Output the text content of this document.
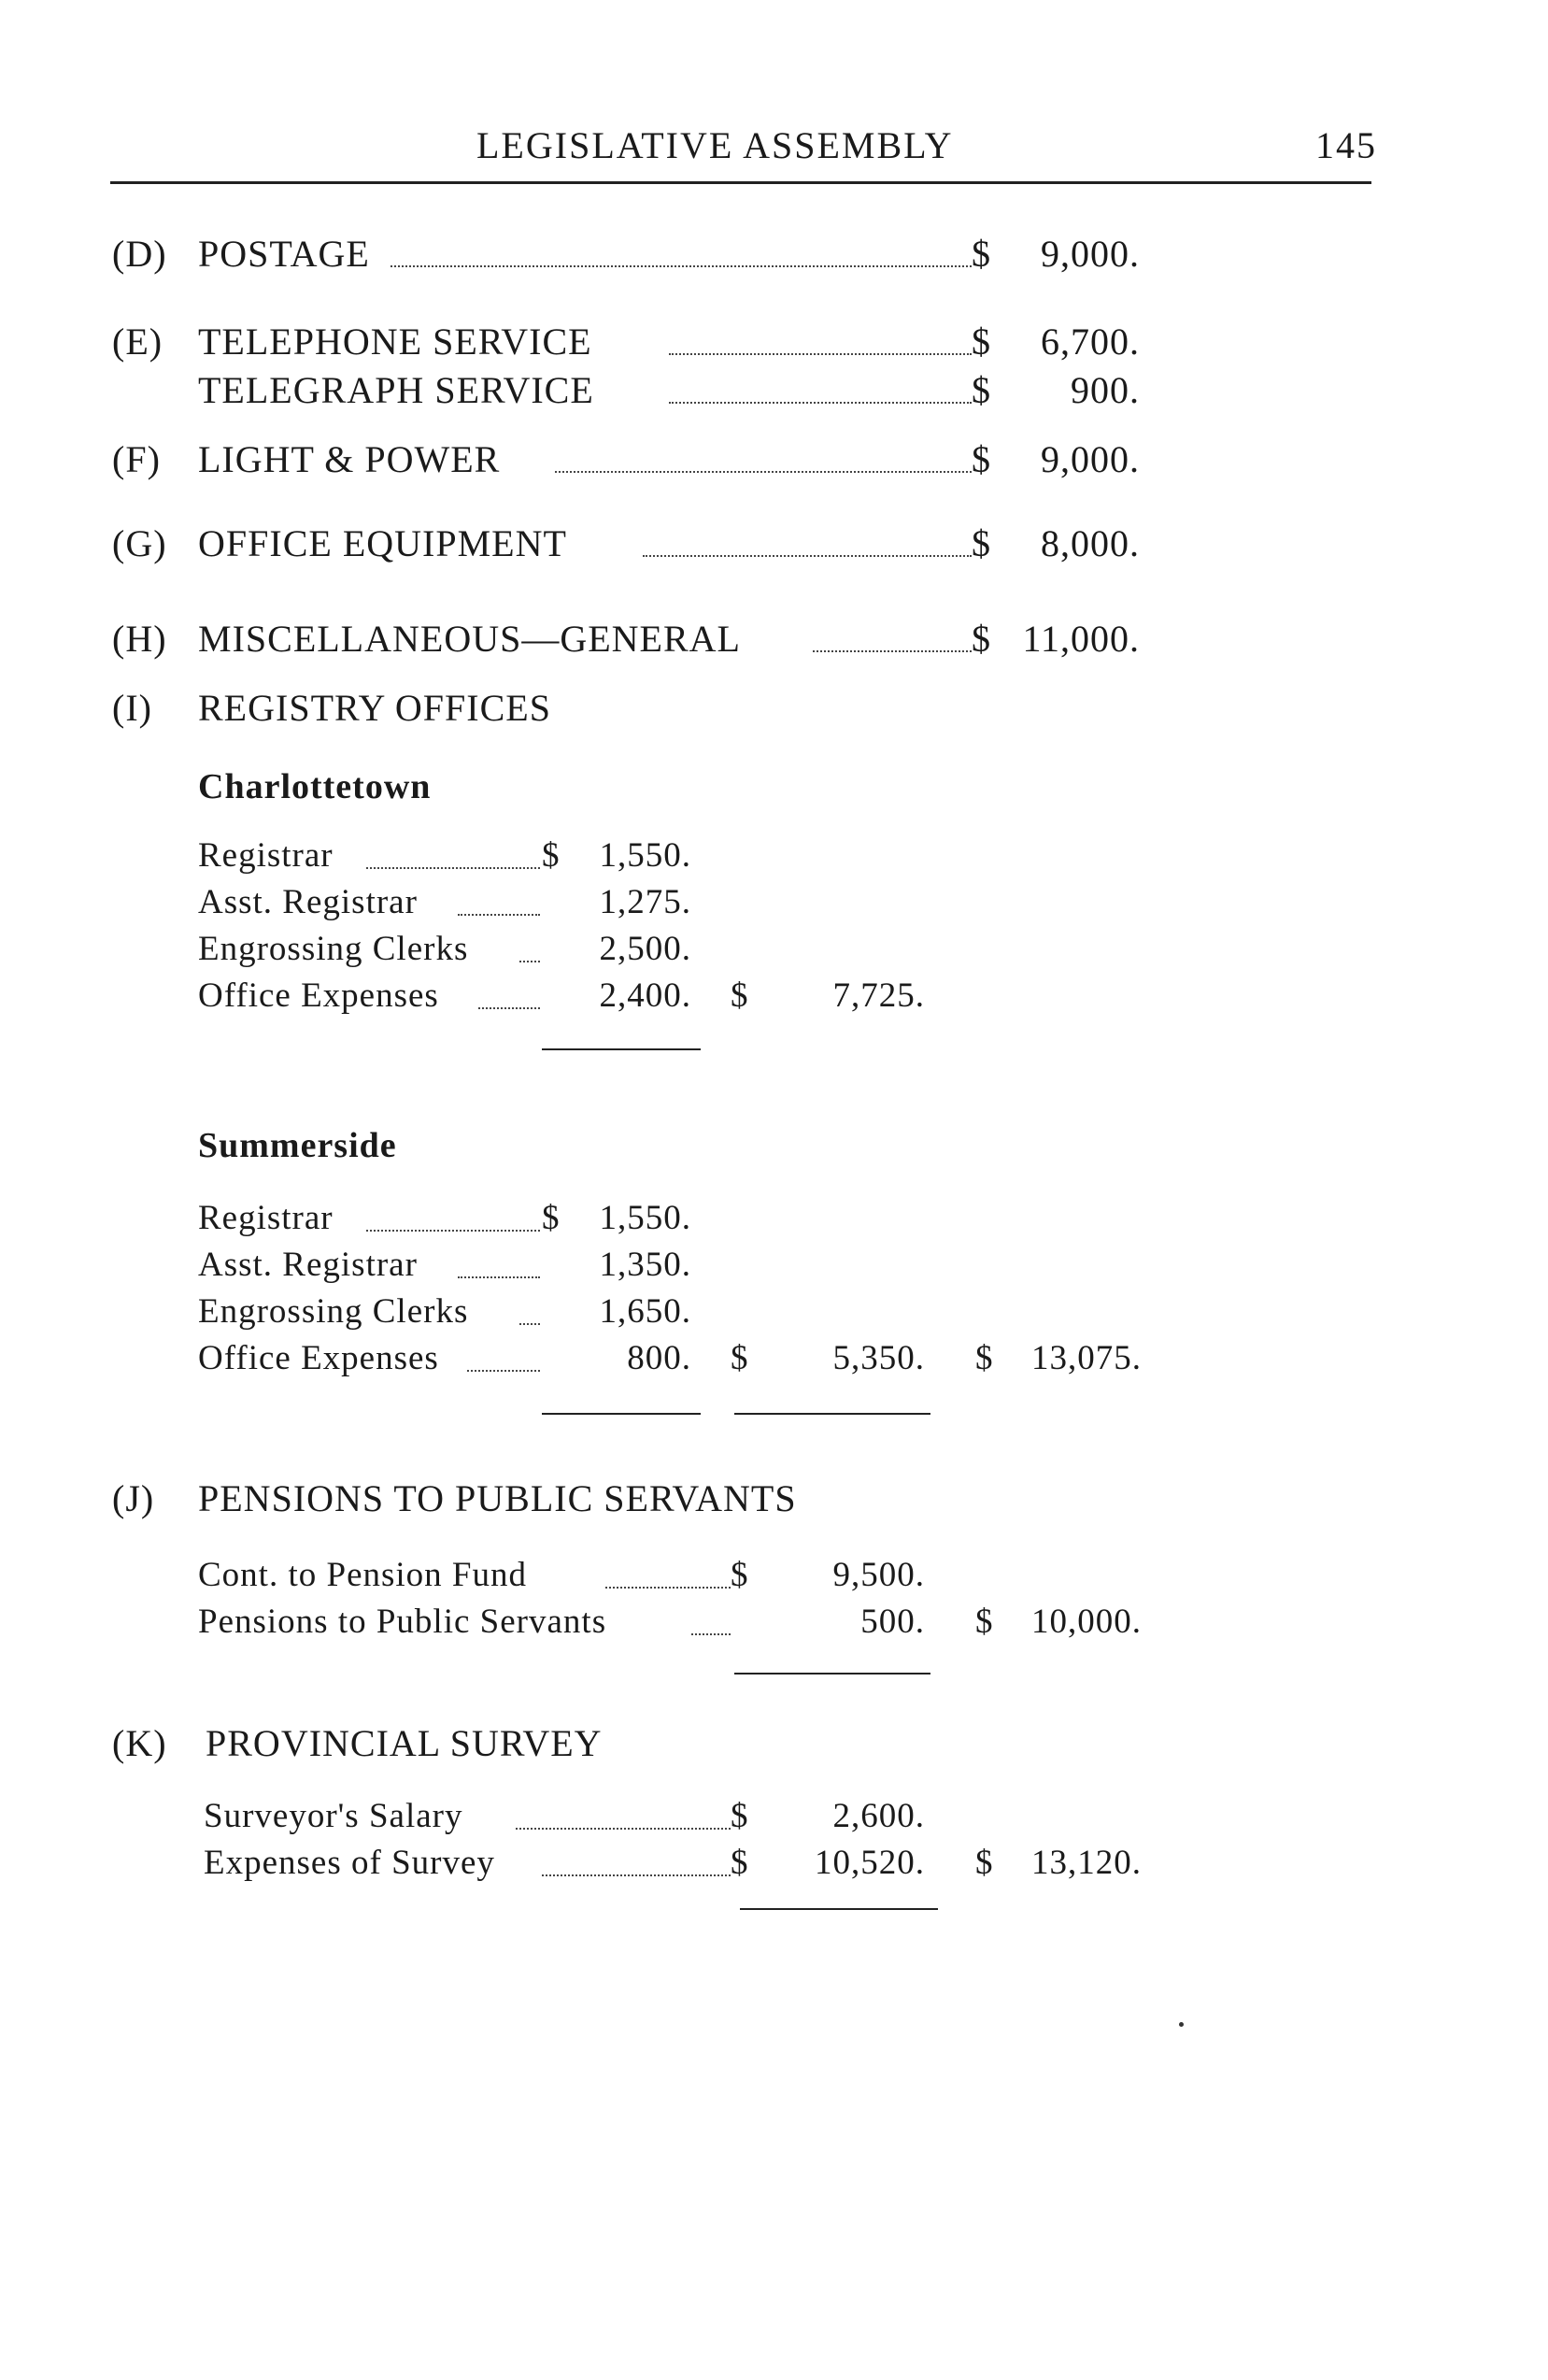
LEGISLATIVE ASSEMBLY	145
(D) POSTAGE	$	9,000.
(E) TELEPHONE SERVICE	$	6,700.
TELEGRAPH SERVICE	$	900.
(F) LIGHT & POWER	$	9,000.
(G) OFFICE EQUIPMENT	$	8,000.
(H) MISCELLANEOUS—GENERAL	$ 11,000.
(I) REGISTRY OFFICES
Charlottetown
Registrar	$	1,550.
Asst. Registrar	1,275.
Engrossing Clerks	2,500.
Office Expenses	2,400. $	7,725.
Summerside
Registrar	$	1,550.
Asst. Registrar	1,350.
Engrossing Clerks	1,650.
Office Expenses	800. $	5,350. $	13,075.
(J) PENSIONS TO PUBLIC SERVANTS
Cont. to Pension Fund	$	9,500.
Pensions to Public Servants	500. $	10,000.
(K) PROVINCIAL SURVEY
Surveyor's Salary	$	2,600.
Expenses of Survey	$	10,520. $	13,120.
